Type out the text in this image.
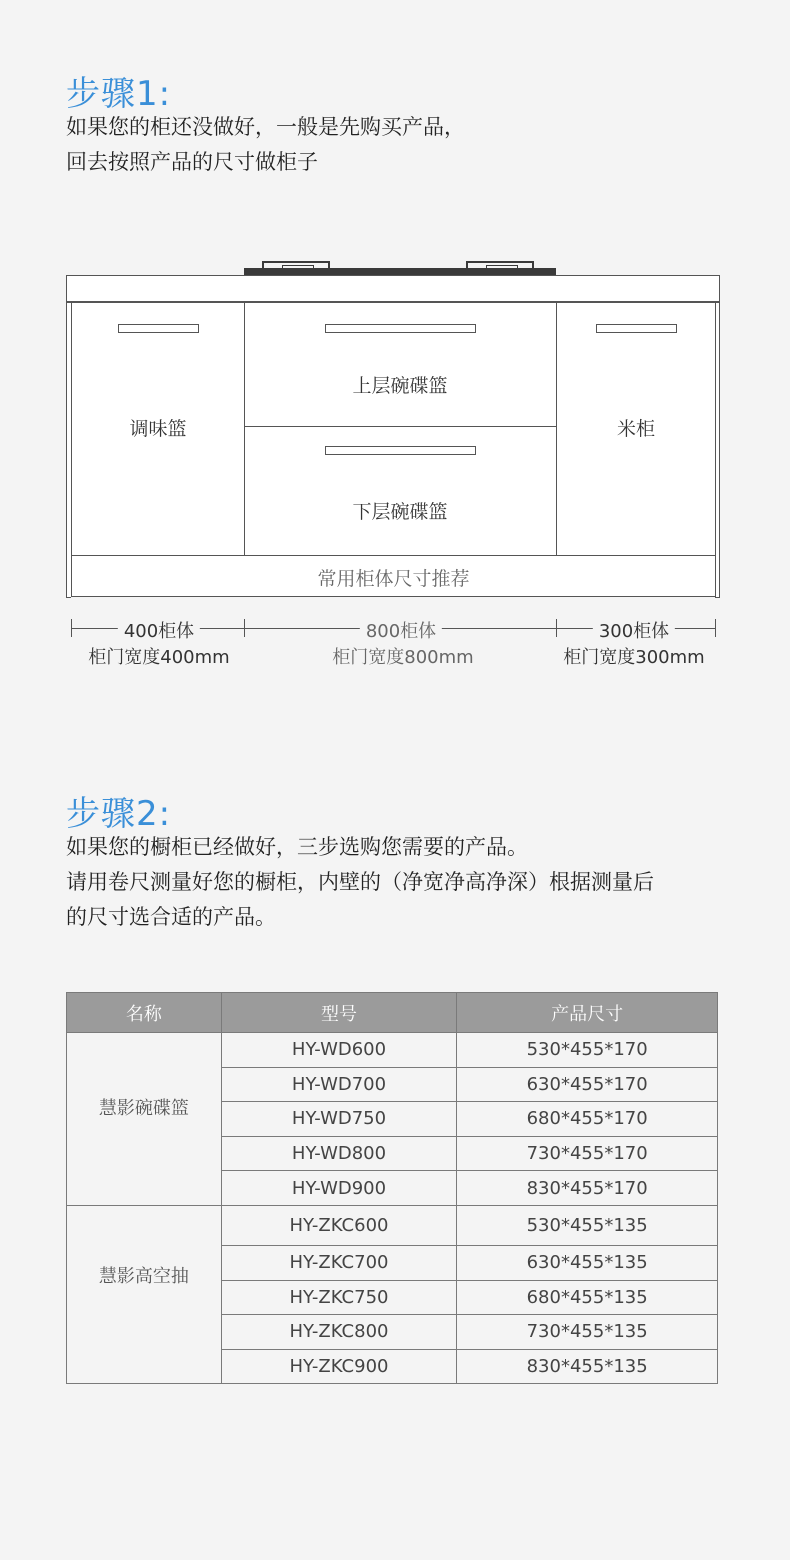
步骤1:

如果您的柜还没做好，一般是先购买产品，

回去按照产品的尺寸做柜子

调味篮
上层碗碟篮
下层碗碟篮
米柜
常用柜体尺寸推荐
400柜体	800柜体	300柜体
柜门宽度400mm	柜门宽度800mm	柜门宽度300mm
步骤2:

如果您的橱柜已经做好，三步选购您需要的产品。

请用卷尺测量好您的橱柜，内壁的（净宽净高净深）根据测量后

的尺寸选合适的产品。

名称	型号	产品尺寸
慧影碗碟篮	HY-WD600	530*455*170
	HY-WD700	630*455*170
	HY-WD750	680*455*170
	HY-WD800	730*455*170
	HY-WD900	830*455*170
慧影高空抽	HY-ZKC600	530*455*135
	HY-ZKC700	630*455*135
	HY-ZKC750	680*455*135
	HY-ZKC800	730*455*135
	HY-ZKC900	830*455*135
